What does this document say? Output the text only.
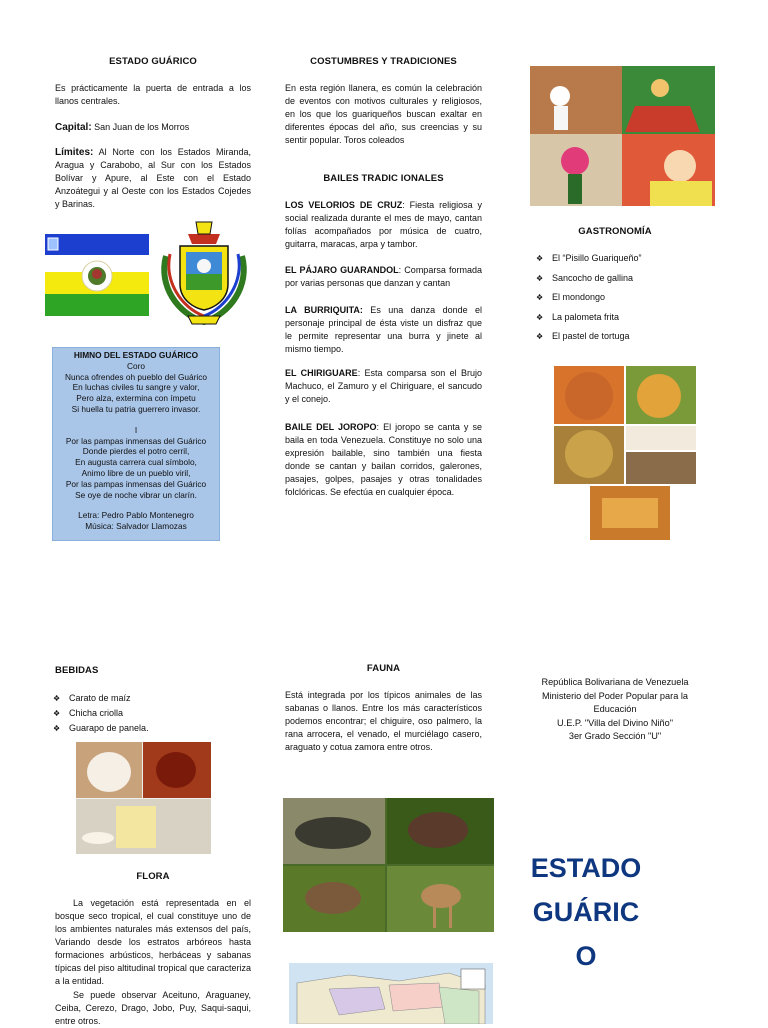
ESTADO GUÁRICO
Es prácticamente la puerta de entrada a los llanos centrales.
Capital: San Juan de los Morros
Límites: Al Norte con los Estados Miranda, Aragua y Carabobo, al Sur con los Estados Bolívar y Apure, al Este con el Estado Anzoátegui y al Oeste con los Estados Cojedes y Barinas.
HIMNO DEL ESTADO GUÁRICO
Coro
Nunca ofrendes oh pueblo del Guárico
En luchas civiles tu sangre y valor,
Pero alza, extermina con ímpetu
Si huella tu patria guerrero invasor.
I
Por las pampas inmensas del Guárico
Donde pierdes el potro cerril,
En augusta carrera cual símbolo,
Animo libre de un pueblo viril,
Por las pampas inmensas del Guárico
Se oye de noche vibrar un clarín.
Letra: Pedro Pablo Montenegro
Música: Salvador Llamozas
COSTUMBRES Y TRADICIONES
En esta región llanera, es común la celebración de eventos con motivos culturales y religiosos, en los que los guariqueños buscan exaltar en diferentes épocas del año, sus creencias y su sentir popular. Toros coleados
BAILES TRADIC IONALES
LOS VELORIOS DE CRUZ: Fiesta religiosa y social realizada durante el mes de mayo, cantan folías acompañados por música de cuatro, guitarra, maracas, arpa y tambor.
EL PÁJARO GUARANDOL: Comparsa formada por varias personas que danzan y cantan
LA BURRIQUITA: Es una danza donde el personaje principal de ésta viste un disfraz que le permite representar una burra y jinete al mismo tiempo.
EL CHIRIGUARE: Esta comparsa son el Brujo Machuco, el Zamuro y el Chiriguare, el sancudo y el conejo.
BAILE DEL JOROPO: El joropo se canta y se baila en toda Venezuela. Constituye no solo una expresión bailable, sino también una fiesta donde se cantan y bailan corridos, galerones, pasajes, golpes, pasajes y otras tonalidades folclóricas. Se efectúa en cualquier época.
GASTRONOMÍA
❖ El “Pisillo Guariqueño”
❖ Sancocho de gallina
❖ El mondongo
❖ La palometa frita
❖ El pastel de tortuga
BEBIDAS
❖ Carato de maíz
❖ Chicha criolla
❖ Guarapo de panela.
FLORA
La vegetación está representada en el bosque seco tropical, el cual constituye uno de los ambientes naturales más extensos del país, Variando desde los estratos arbóreos hasta formaciones arbústicos, herbáceas y sabanas típicas del piso altitudinal tropical que caracteriza a la entidad.
Se puede observar Aceituno, Araguaney, Ceiba, Cerezo, Drago, Jobo, Puy, Saqui-saqui, entre otros.
FAUNA
Está integrada por los típicos animales de las sabanas o llanos. Entre los más característicos podemos encontrar; el chiguire, oso palmero, la rana arrocera, el venado, el murciélago casero, araguato y cotua zamora entre otros.
República Bolivariana de Venezuela
Ministerio del Poder Popular para la Educación
U.E.P. "Villa del Divino Niño"
3er Grado Sección "U"
ESTADO
GUÁRIC
O
